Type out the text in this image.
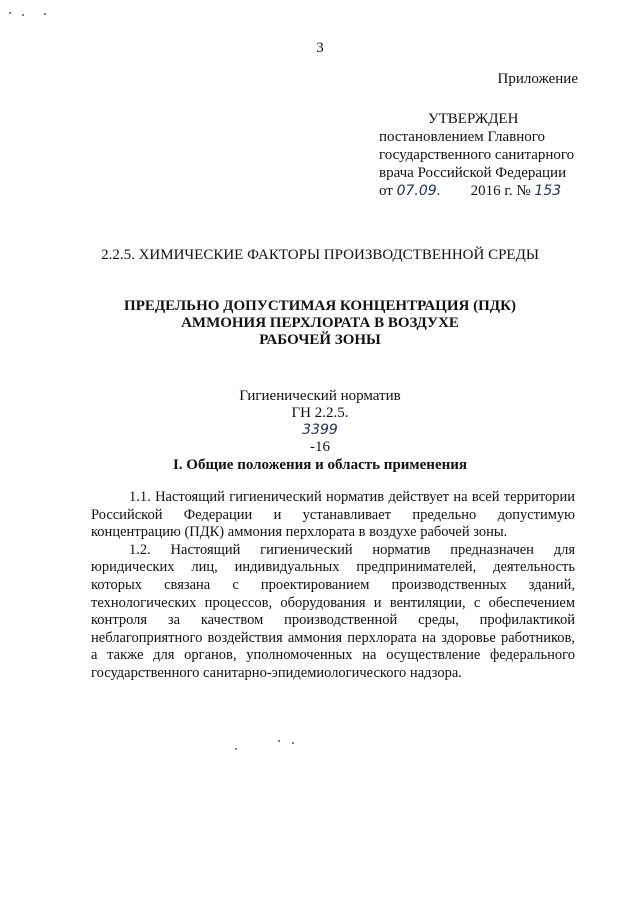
3
Приложение
УТВЕРЖДЕН
постановлением Главного
государственного санитарного
врача Российской Федерации
от 07.09. 2016 г. № 153
2.2.5. ХИМИЧЕСКИЕ ФАКТОРЫ ПРОИЗВОДСТВЕННОЙ СРЕДЫ
ПРЕДЕЛЬНО ДОПУСТИМАЯ КОНЦЕНТРАЦИЯ (ПДК)
АММОНИЯ ПЕРХЛОРАТА В ВОЗДУХЕ
РАБОЧЕЙ ЗОНЫ
Гигиенический норматив
ГН 2.2.5.
3399
-16
I. Общие положения и область применения

1.1. Настоящий гигиенический норматив действует на всей территории Российской Федерации и устанавливает предельно допустимую концентрацию (ПДК) аммония перхлората в воздухе рабочей зоны.

1.2. Настоящий гигиенический норматив предназначен для юридических лиц, индивидуальных предпринимателей, деятельность которых связана с проектированием производственных зданий, технологических процессов, оборудования и вентиляции, с обеспечением контроля за качеством производственной среды, профилактикой неблагоприятного воздействия аммония перхлората на здоровье работников, а также для органов, уполномоченных на осуществление федерального государственного санитарно-эпидемиологического надзора.
